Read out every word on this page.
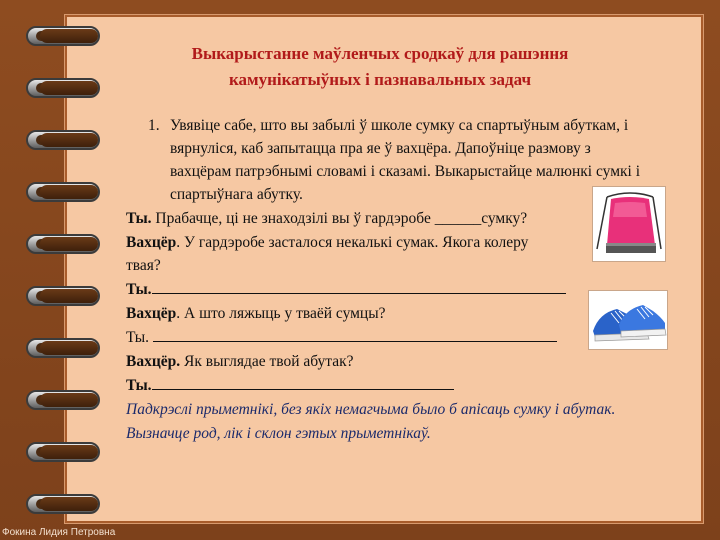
Выкарыстанне маўленчых сродкаў для рашэння
камунікатыўных і пазнавальных задач
1. Увявіце сабе, што вы забылі ў школе сумку са спартыўным абуткам, і
вярнуліся, каб запытацца пра яе ў вахцёра. Дапоўніце размову з
вахцёрам патрэбнымі словамі і сказамі. Выкарыстайце малюнкі сумкі і
спартыўнага абутку.
Ты. Прабачце, ці не знаходзілі вы ў гардэробе ______сумку?
Вахцёр. У гардэробе засталося некалькі сумак. Якога колеру
твая?
Ты.
Вахцёр. А што ляжыць у тваёй сумцы?
Ты.
Вахцёр. Як выглядае твой абутак?
Ты.
Падкрэслі прыметнікі, без якіх немагчыма было б апісаць сумку і абутак.
Вызначце род, лік і склон гэтых прыметнікаў.
Фокина Лидия Петровна
